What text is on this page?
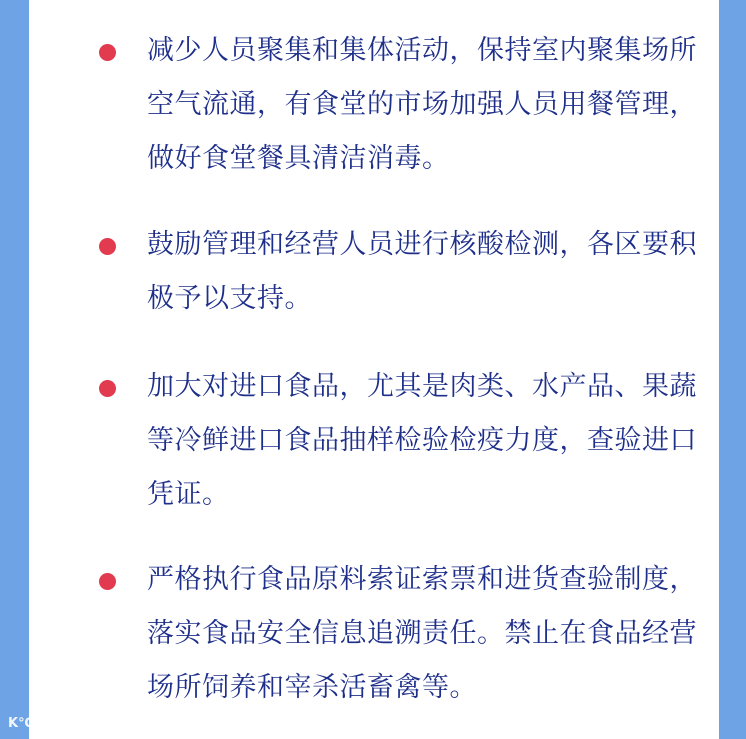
减少人员聚集和集体活动，保持室内聚集场所空气流通，有食堂的市场加强人员用餐管理，做好食堂餐具清洁消毒。
鼓励管理和经营人员进行核酸检测，各区要积极予以支持。
加大对进口食品，尤其是肉类、水产品、果蔬等冷鲜进口食品抽样检验检疫力度，查验进口凭证。
严格执行食品原料索证索票和进货查验制度，落实食品安全信息追溯责任。禁止在食品经营场所饲养和宰杀活畜禽等。
K℃ 大数跨境
